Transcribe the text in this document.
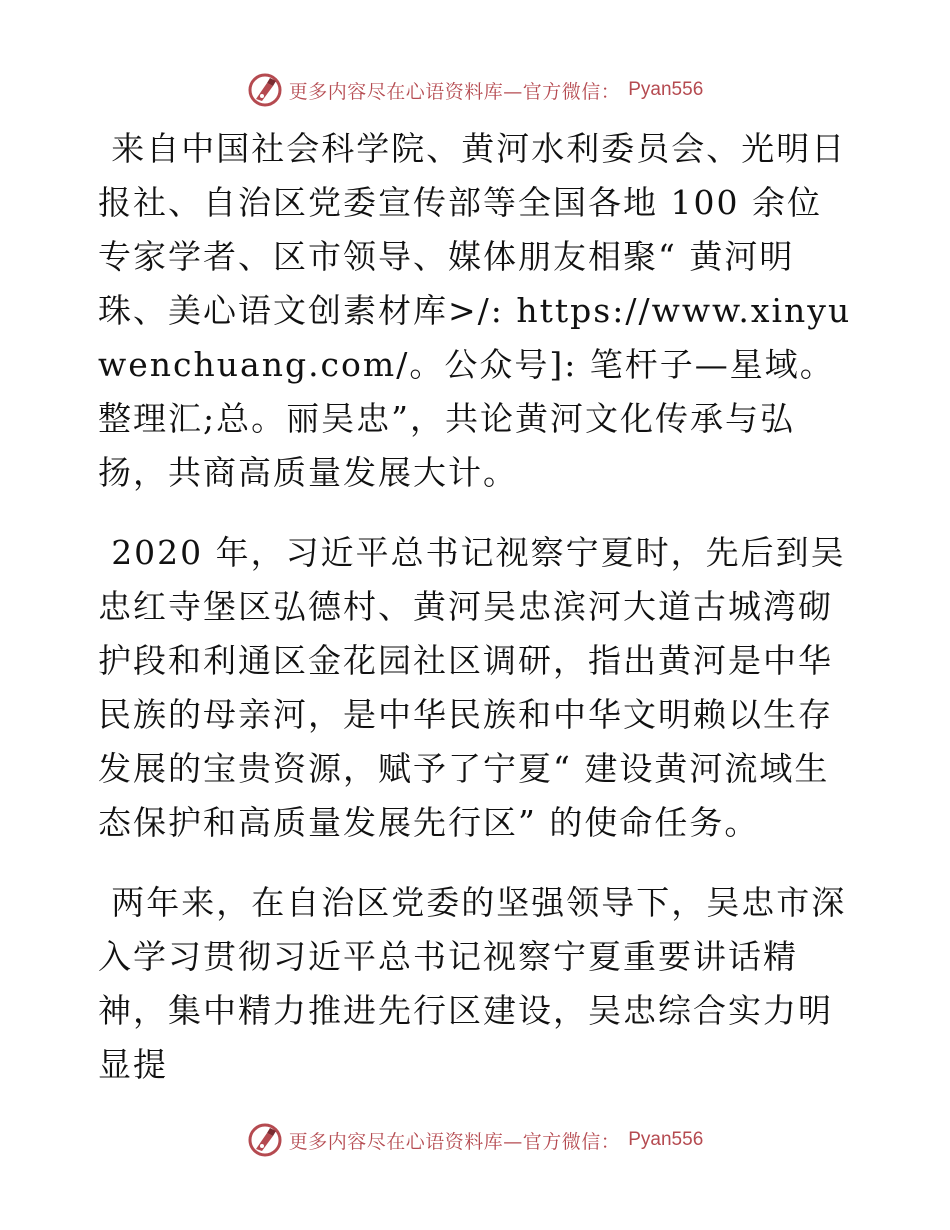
更多内容尽在心语资料库—官方微信： Pyan556

来自中国社会科学院、黄河水利委员会、光明日报社、自治区党委宣传部等全国各地 100 余位专家学者、区市领导、媒体朋友相聚“ 黄河明珠、美心语文创素材库>/: https://www.xinyuwenchuang.com/。公众号]: 笔杆子—星域。整理汇;总。丽吴忠”，共论黄河文化传承与弘扬，共商高质量发展大计。

2020 年，习近平总书记视察宁夏时，先后到吴忠红寺堡区弘德村、黄河吴忠滨河大道古城湾砌护段和利通区金花园社区调研，指出黄河是中华民族的母亲河，是中华民族和中华文明赖以生存发展的宝贵资源，赋予了宁夏“ 建设黄河流域生态保护和高质量发展先行区” 的使命任务。

两年来，在自治区党委的坚强领导下，吴忠市深入学习贯彻习近平总书记视察宁夏重要讲话精神，集中精力推进先行区建设，吴忠综合实力明显提

更多内容尽在心语资料库—官方微信： Pyan556
